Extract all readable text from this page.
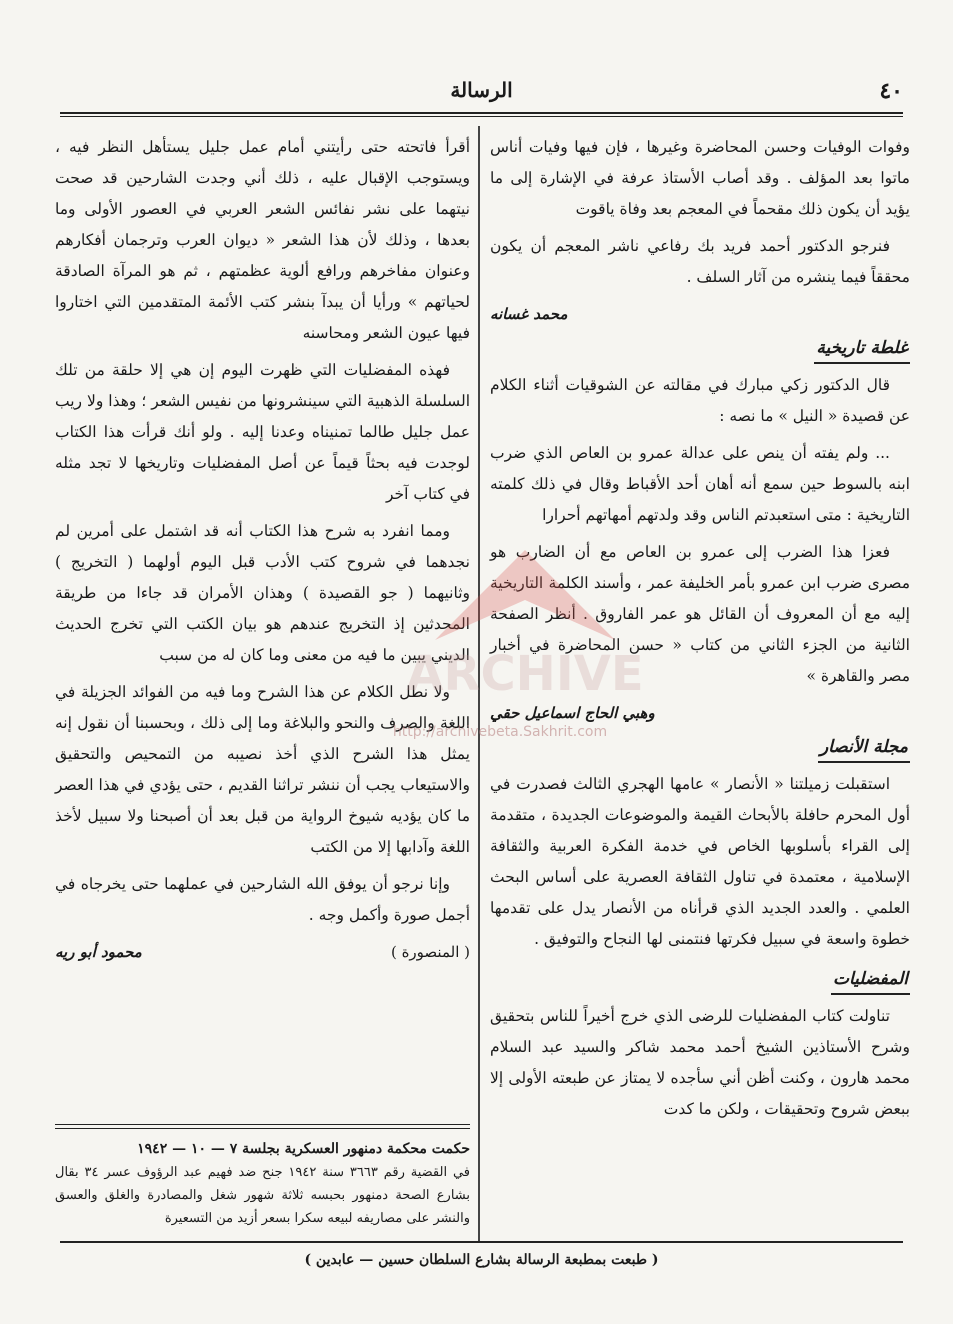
٤٠
الرسالة

وفوات الوفيات وحسن المحاضرة وغيرها ، فإن فيها وفيات أناس ماتوا بعد المؤلف . وقد أصاب الأستاذ عرفة في الإشارة إلى ما يؤيد أن يكون ذلك مقحماً في المعجم بعد وفاة ياقوت

فنرجو الدكتور أحمد فريد بك رفاعي ناشر المعجم أن يكون محققاً فيما ينشره من آثار السلف .

محمد غسانه
غلطة تاريخية

قال الدكتور زكي مبارك في مقالته عن الشوقيات أثناء الكلام عن قصيدة « النيل » ما نصه :

... ولم يفته أن ينص على عدالة عمرو بن العاص الذي ضرب ابنه بالسوط حين سمع أنه أهان أحد الأقباط وقال في ذلك كلمته التاريخية : متى استعبدتم الناس وقد ولدتهم أمهاتهم أحرارا

فعزا هذا الضرب إلى عمرو بن العاص مع أن الضارب هو مصرى ضرب ابن عمرو بأمر الخليفة عمر ، وأسند الكلمة التاريخية إليه مع أن المعروف أن القائل هو عمر الفاروق . أنظر الصفحة الثانية من الجزء الثاني من كتاب « حسن المحاضرة في أخبار مصر والقاهرة »

وهبي الحاج اسماعيل حقي
مجلة الأنصار

استقبلت زميلتنا « الأنصار » عامها الهجري الثالث فصدرت في أول المحرم حافلة بالأبحاث القيمة والموضوعات الجديدة ، متقدمة إلى القراء بأسلوبها الخاص في خدمة الفكرة العربية والثقافة الإسلامية ، معتمدة في تناول الثقافة العصرية على أساس البحث العلمي . والعدد الجديد الذي قرأناه من الأنصار يدل على تقدمها خطوة واسعة في سبيل فكرتها فنتمنى لها النجاح والتوفيق .

المفضليات

تناولت كتاب المفضليات للرضى الذي خرج أخيراً للناس بتحقيق وشرح الأستاذين الشيخ أحمد محمد شاكر والسيد عبد السلام محمد هارون ، وكنت أظن أني سأجده لا يمتاز عن طبعته الأولى إلا ببعض شروح وتحقيقات ، ولكن ما كدت

أقرأ فاتحته حتى رأيتني أمام عمل جليل يستأهل النظر فيه ، ويستوجب الإقبال عليه ، ذلك أني وجدت الشارحين قد صحت نيتهما على نشر نفائس الشعر العربي في العصور الأولى وما بعدها ، وذلك لأن هذا الشعر « ديوان العرب وترجمان أفكارهم وعنوان مفاخرهم ورافع ألوية عظمتهم ، ثم هو المرآة الصادقة لحياتهم » ورأيا أن يبدآ بنشر كتب الأئمة المتقدمين التي اختاروا فيها عيون الشعر ومحاسنه

فهذه المفضليات التي ظهرت اليوم إن هي إلا حلقة من تلك السلسلة الذهبية التي سينشرونها من نفيس الشعر ؛ وهذا ولا ريب عمل جليل طالما تمنيناه وعدنا إليه . ولو أنك قرأت هذا الكتاب لوجدت فيه بحثاً قيماً عن أصل المفضليات وتاريخها لا تجد مثله في كتاب آخر

ومما انفرد به شرح هذا الكتاب أنه قد اشتمل على أمرين لم نجدهما في شروح كتب الأدب قبل اليوم أولهما ( التخريج ) وثانيهما ( جو القصيدة ) وهذان الأمران قد جاءا من طريقة المحدثين إذ التخريج عندهم هو بيان الكتب التي تخرج الحديث الديني يبين ما فيه من معنى وما كان له من سبب

ولا نطل الكلام عن هذا الشرح وما فيه من الفوائد الجزيلة في اللغة والصرف والنحو والبلاغة وما إلى ذلك ، وبحسبنا أن نقول إنه يمثل هذا الشرح الذي أخذ نصيبه من التمحيص والتحقيق والاستيعاب يجب أن ننشر تراثنا القديم ، حتى يؤدي في هذا العصر ما كان يؤديه شيوخ الرواية من قبل بعد أن أصبحنا ولا سبيل لأخذ اللغة وآدابها إلا من الكتب

وإنا نرجو أن يوفق الله الشارحين في عملهما حتى يخرجاه في أجمل صورة وأكمل وجه .

( المنصورة )
محمود أبو ريه
حكمت محكمة دمنهور العسكرية بجلسة ٧ — ١٠ — ١٩٤٢
في القضية رقم ٣٦٦٣ سنة ١٩٤٢ جنح ضد فهيم عبد الرؤوف عسر ٣٤ بقال بشارع الصحة دمنهور بحبسه ثلاثة شهور شغل والمصادرة والغلق والعسق والنشر على مصاريفه لبيعه سكرا بسعر أزيد من التسعيرة
( طبعت بمطبعة الرسالة بشارع السلطان حسين — عابدين )
ARCHIVE
http://archivebeta.Sakhrit.com
